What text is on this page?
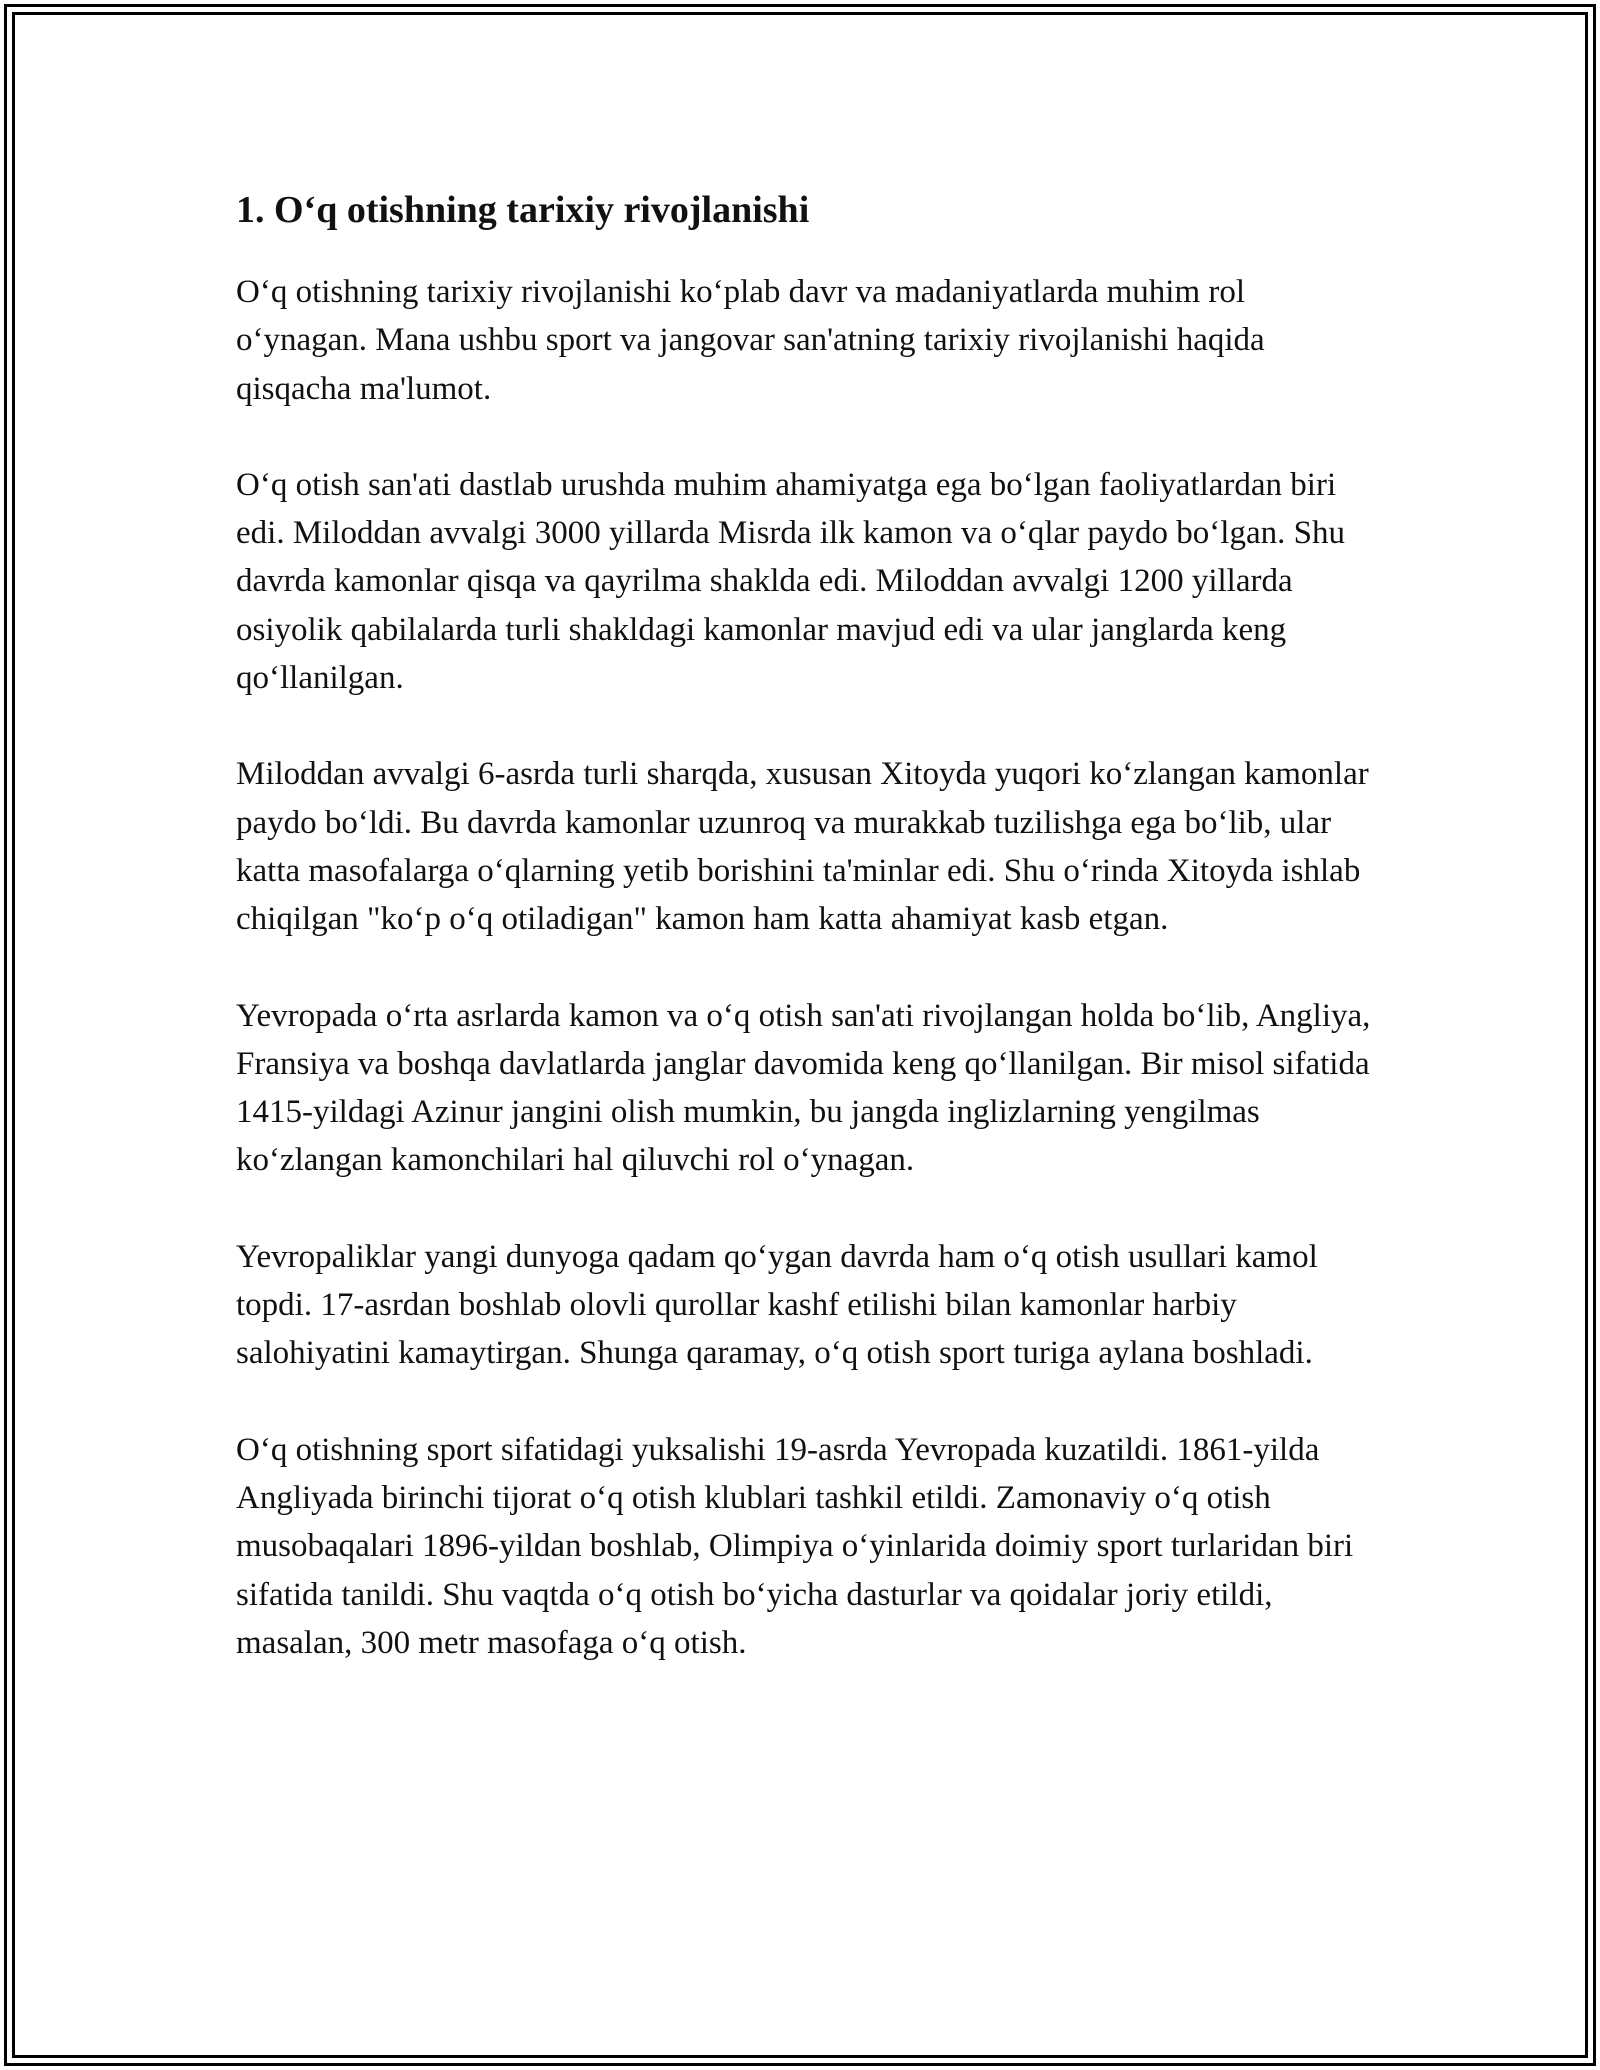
1. O‘q otishning tarixiy rivojlanishi

O‘q otishning tarixiy rivojlanishi ko‘plab davr va madaniyatlarda muhim rol o‘ynagan. Mana ushbu sport va jangovar san'atning tarixiy rivojlanishi haqida qisqacha ma'lumot.

O‘q otish san'ati dastlab urushda muhim ahamiyatga ega bo‘lgan faoliyatlardan biri edi. Miloddan avvalgi 3000 yillarda Misrda ilk kamon va o‘qlar paydo bo‘lgan. Shu davrda kamonlar qisqa va qayrilma shaklda edi. Miloddan avvalgi 1200 yillarda osiyolik qabilalarda turli shakldagi kamonlar mavjud edi va ular janglarda keng qo‘llanilgan.

Miloddan avvalgi 6-asrda turli sharqda, xususan Xitoyda yuqori ko‘zlangan kamonlar paydo bo‘ldi. Bu davrda kamonlar uzunroq va murakkab tuzilishga ega bo‘lib, ular katta masofalarga o‘qlarning yetib borishini ta'minlar edi. Shu o‘rinda Xitoyda ishlab chiqilgan "ko‘p o‘q otiladigan" kamon ham katta ahamiyat kasb etgan.

Yevropada o‘rta asrlarda kamon va o‘q otish san'ati rivojlangan holda bo‘lib, Angliya, Fransiya va boshqa davlatlarda janglar davomida keng qo‘llanilgan. Bir misol sifatida 1415-yildagi Azinur jangini olish mumkin, bu jangda inglizlarning yengilmas ko‘zlangan kamonchilari hal qiluvchi rol o‘ynagan.

Yevropaliklar yangi dunyoga qadam qo‘ygan davrda ham o‘q otish usullari kamol topdi. 17-asrdan boshlab olovli qurollar kashf etilishi bilan kamonlar harbiy salohiyatini kamaytirgan. Shunga qaramay, o‘q otish sport turiga aylana boshladi.

O‘q otishning sport sifatidagi yuksalishi 19-asrda Yevropada kuzatildi. 1861-yilda Angliyada birinchi tijorat o‘q otish klublari tashkil etildi. Zamonaviy o‘q otish musobaqalari 1896-yildan boshlab, Olimpiya o‘yinlarida doimiy sport turlaridan biri sifatida tanildi. Shu vaqtda o‘q otish bo‘yicha dasturlar va qoidalar joriy etildi, masalan, 300 metr masofaga o‘q otish.
